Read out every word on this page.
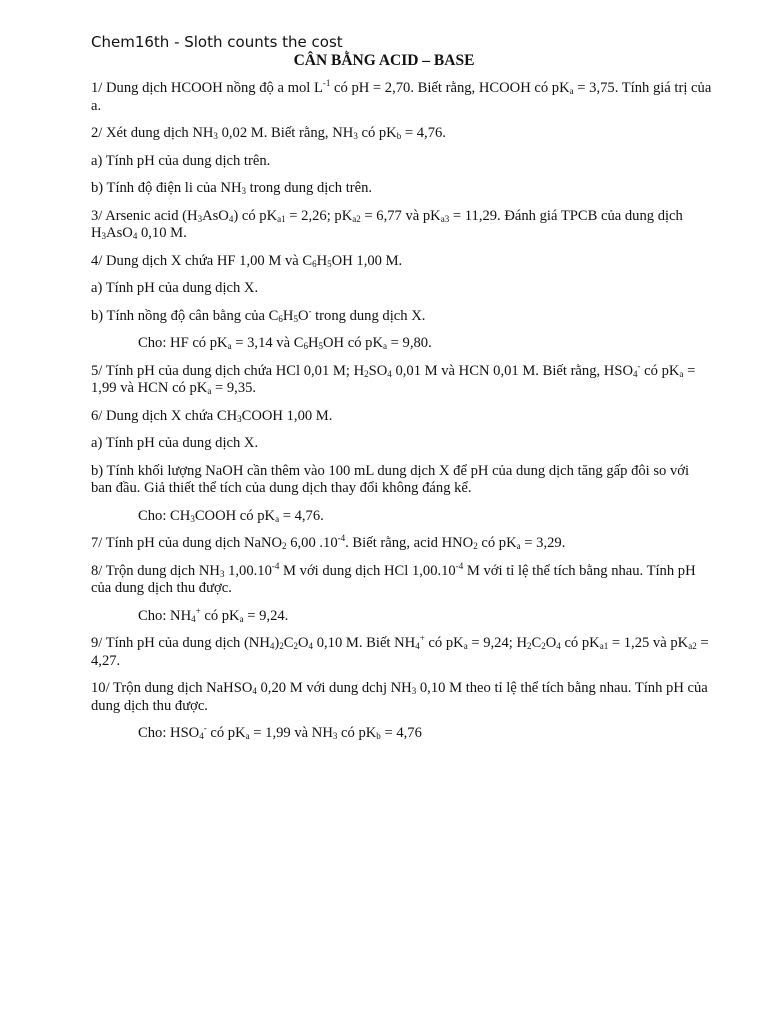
Chem16th - Sloth counts the cost
CÂN BẰNG ACID – BASE

1/ Dung dịch HCOOH nồng độ a mol $L^{-1}$ có pH = 2,70. Biết rằng, HCOOH có $pK_a = 3,75$. Tính giá trị của a.

2/ Xét dung dịch $NH_3$ 0,02 M. Biết rằng, $NH_3$ có $pK_b = 4,76$.

a) Tính pH của dung dịch trên.

b) Tính độ điện li của $NH_3$ trong dung dịch trên.

3/ Arsenic acid $(H_3AsO_4)$ có $pK_{a1} = 2,26$; $pK_{a2} = 6,77$ và $pK_{a3} = 11,29$. Đánh giá TPCB của dung dịch $H_3AsO_4$ 0,10 M.

4/ Dung dịch X chứa HF 1,00 M và $C_6H_5OH$ 1,00 M.

a) Tính pH của dung dịch X.

b) Tính nồng độ cân bằng của $C_6H_5O^-$ trong dung dịch X.

Cho: HF có $pK_a = 3,14$ và $C_6H_5OH$ có $pK_a = 9,80$.

5/ Tính pH của dung dịch chứa HCl 0,01 M; $H_2SO_4$ 0,01 M và HCN 0,01 M. Biết rằng, $HSO_4^-$ có $pK_a = 1,99$ và HCN có $pK_a = 9,35$.

6/ Dung dịch X chứa $CH_3COOH$ 1,00 M.

a) Tính pH của dung dịch X.

b) Tính khối lượng NaOH cần thêm vào 100 mL dung dịch X để pH của dung dịch tăng gấp đôi so với ban đầu. Giả thiết thể tích của dung dịch thay đổi không đáng kể.

Cho: $CH_3COOH$ có $pK_a = 4,76$.

7/ Tính pH của dung dịch NaNO$_2$ 6,00 $.10^{-4}$. Biết rằng, acid $HNO_2$ có $pK_a = 3,29$.

8/ Trộn dung dịch $NH_3$ $1,00.10^{-4}$ M với dung dịch HCl $1,00.10^{-4}$ M với tỉ lệ thể tích bằng nhau. Tính pH của dung dịch thu được.

Cho: $NH_4^+$ có $pK_a = 9,24$.

9/ Tính pH của dung dịch $(NH_4)_2C_2O_4$ 0,10 M. Biết $NH_4^+$ có $pK_a = 9,24$; $H_2C_2O_4$ có $pK_{a1} = 1,25$ và $pK_{a2} = 4,27$.

10/ Trộn dung dịch NaHSO$_4$ 0,20 M với dung dchj $NH_3$ 0,10 M theo tỉ lệ thể tích bằng nhau. Tính pH của dung dịch thu được.

Cho: $HSO_4^-$ có $pK_a = 1,99$ và $NH_3$ có $pK_b = 4,76$
